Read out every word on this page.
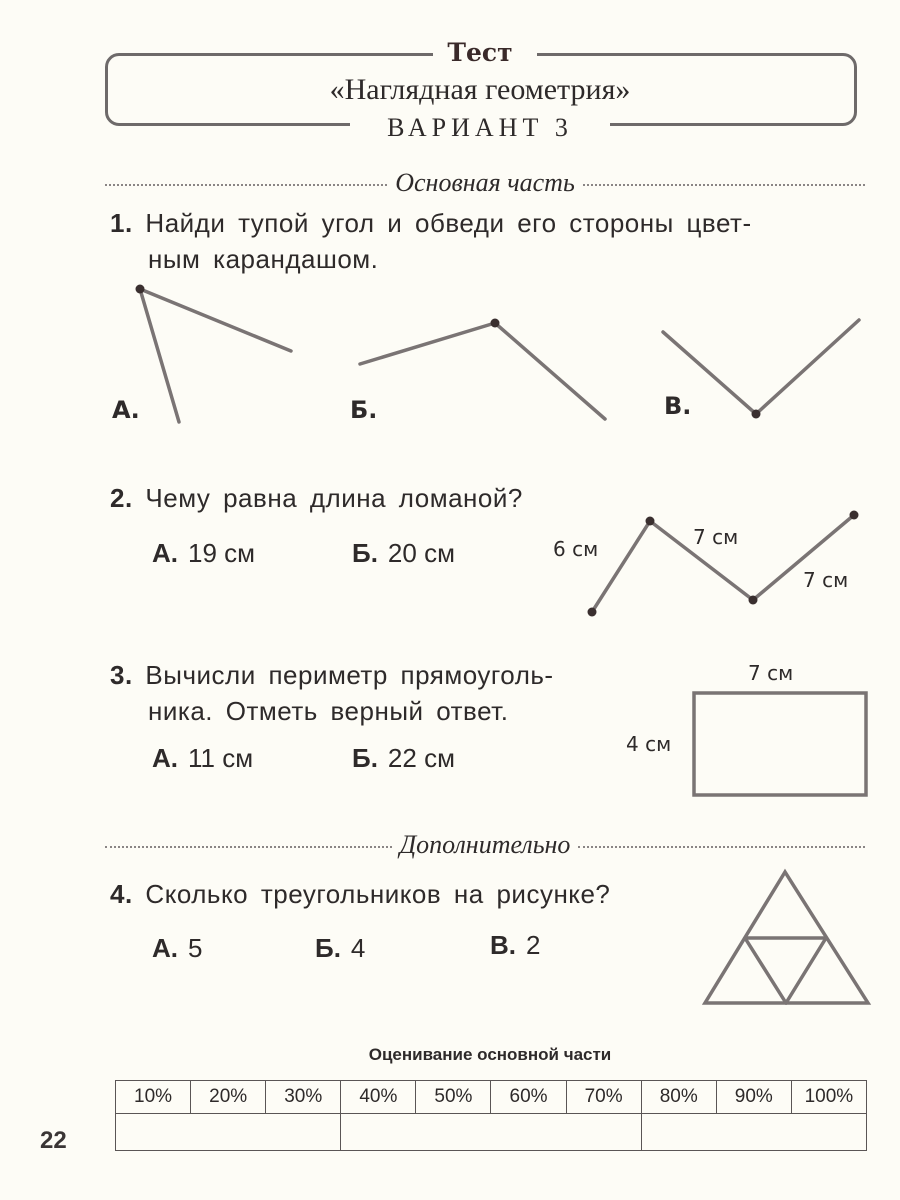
Тест
«Наглядная геометрия»
ВАРИАНТ 3
Основная часть
1. Найди тупой угол и обведи его стороны цвет-
ным карандашом.
А.	Б.	В.
2. Чему равна длина ломаной?
А. 19 см	Б. 20 см	6 см	7 см
7 см
3. Вычисли периметр прямоуголь-
ника. Отметь верный ответ.
А. 11 см	Б. 22 см
7 см
4 см
Дополнительно
4. Сколько треугольников на рисунке?
А. 5	Б. 4	В. 2
Оценивание основной части
10%	20%	30%	40%	50%	60%	70%	80%	90%	100%

22
